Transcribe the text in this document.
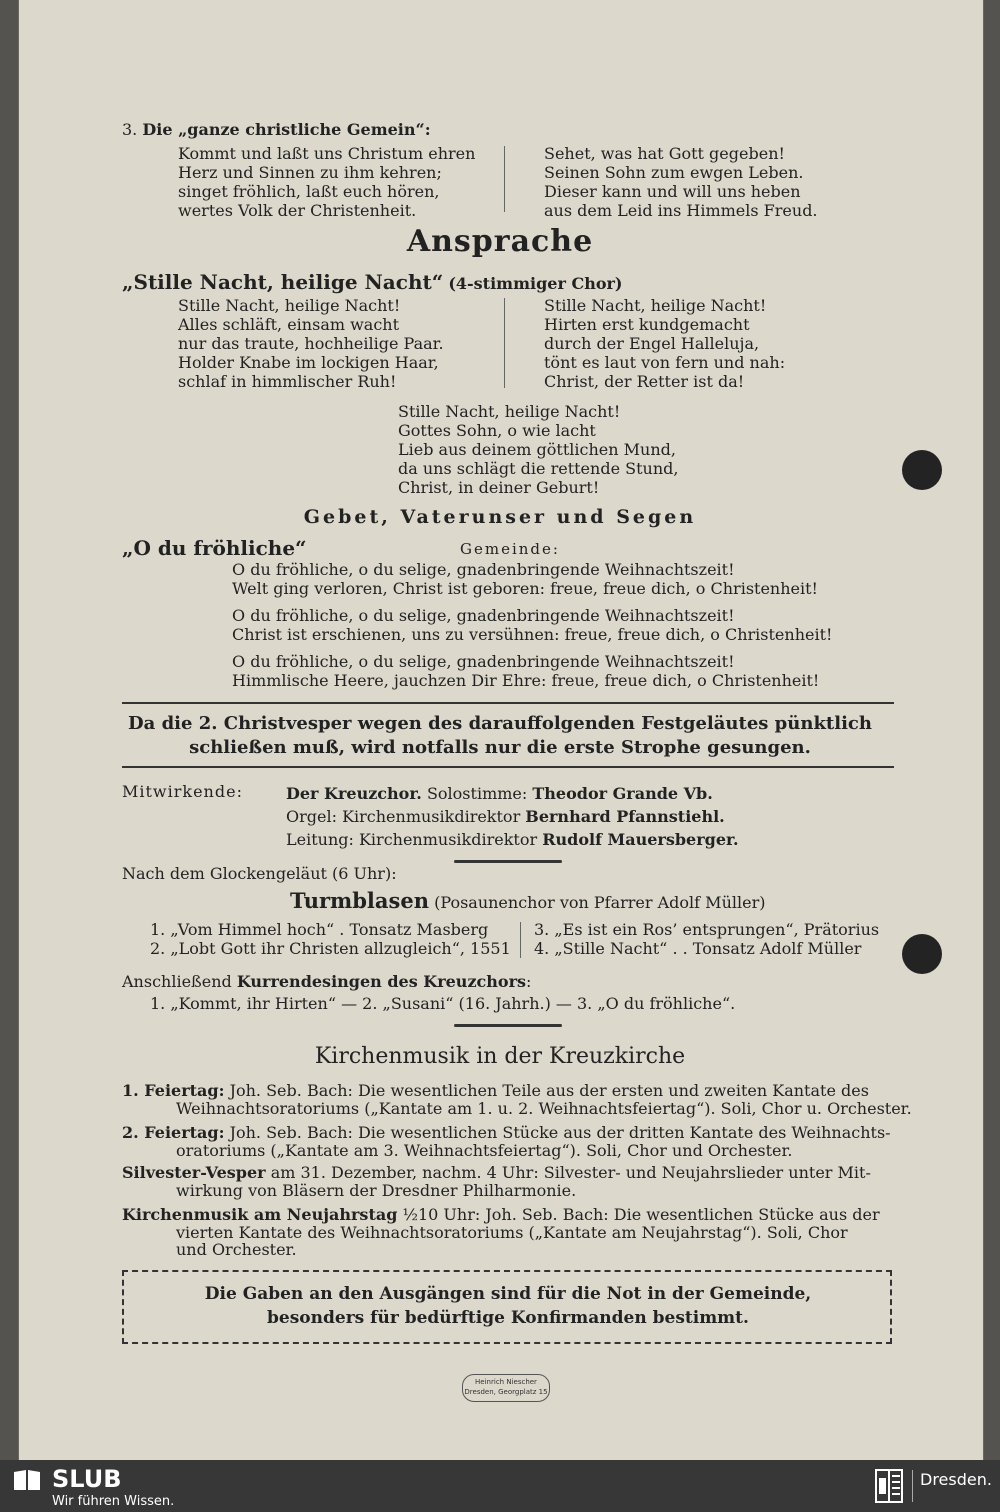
3. Die „ganze christliche Gemein“:
Kommt und laßt uns Christum ehren
Herz und Sinnen zu ihm kehren;
singet fröhlich, laßt euch hören,
wertes Volk der Christenheit.
Sehet, was hat Gott gegeben!
Seinen Sohn zum ewgen Leben.
Dieser kann und will uns heben
aus dem Leid ins Himmels Freud.
Ansprache
„Stille Nacht, heilige Nacht“ (4-stimmiger Chor)
Stille Nacht, heilige Nacht!
Alles schläft, einsam wacht
nur das traute, hochheilige Paar.
Holder Knabe im lockigen Haar,
schlaf in himmlischer Ruh!
Stille Nacht, heilige Nacht!
Hirten erst kundgemacht
durch der Engel Halleluja,
tönt es laut von fern und nah:
Christ, der Retter ist da!
Stille Nacht, heilige Nacht!
Gottes Sohn, o wie lacht
Lieb aus deinem göttlichen Mund,
da uns schlägt die rettende Stund,
Christ, in deiner Geburt!
Gebet, Vaterunser und Segen
„O du fröhliche“	Gemeinde:
O du fröhliche, o du selige, gnadenbringende Weihnachtszeit!
Welt ging verloren, Christ ist geboren: freue, freue dich, o Christenheit!
O du fröhliche, o du selige, gnadenbringende Weihnachtszeit!
Christ ist erschienen, uns zu versühnen: freue, freue dich, o Christenheit!
O du fröhliche, o du selige, gnadenbringende Weihnachtszeit!
Himmlische Heere, jauchzen Dir Ehre: freue, freue dich, o Christenheit!
Da die 2. Christvesper wegen des darauffolgenden Festgeläutes pünktlich
schließen muß, wird notfalls nur die erste Strophe gesungen.
Mitwirkende:	Der Kreuzchor. Solostimme: Theodor Grande Vb.
Orgel: Kirchenmusikdirektor Bernhard Pfannstiehl.
Leitung: Kirchenmusikdirektor Rudolf Mauersberger.
Nach dem Glockengeläut (6 Uhr):
Turmblasen (Posaunenchor von Pfarrer Adolf Müller)
1. „Vom Himmel hoch“ . Tonsatz Masberg
2. „Lobt Gott ihr Christen allzugleich“, 1551
3. „Es ist ein Ros’ entsprungen“, Prätorius
4. „Stille Nacht“ . . Tonsatz Adolf Müller
Anschließend Kurrendesingen des Kreuzchors:
1. „Kommt, ihr Hirten“ — 2. „Susani“ (16. Jahrh.) — 3. „O du fröhliche“.
Kirchenmusik in der Kreuzkirche
1. Feiertag: Joh. Seb. Bach: Die wesentlichen Teile aus der ersten und zweiten Kantate des
Weihnachtsoratoriums („Kantate am 1. u. 2. Weihnachtsfeiertag“). Soli, Chor u. Orchester.
2. Feiertag: Joh. Seb. Bach: Die wesentlichen Stücke aus der dritten Kantate des Weihnachts-
oratoriums („Kantate am 3. Weihnachtsfeiertag“). Soli, Chor und Orchester.
Silvester-Vesper am 31. Dezember, nachm. 4 Uhr: Silvester- und Neujahrslieder unter Mit-
wirkung von Bläsern der Dresdner Philharmonie.
Kirchenmusik am Neujahrstag ½10 Uhr: Joh. Seb. Bach: Die wesentlichen Stücke aus der
vierten Kantate des Weihnachtsoratoriums („Kantate am Neujahrstag“). Soli, Chor
und Orchester.
Die Gaben an den Ausgängen sind für die Not in der Gemeinde,
besonders für bedürftige Konfirmanden bestimmt.
Heinrich Niescher
Dresden, Georgplatz 15
SLUB
Wir führen Wissen.
Dresden.
